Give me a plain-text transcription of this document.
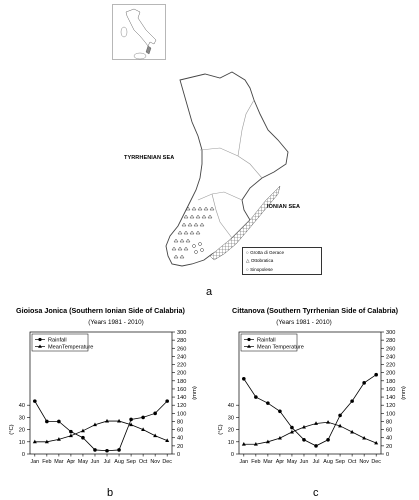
TYRRHENIAN SEA
IONIAN SEA
○ Grotta di Gerace
△ Ottobratica
○ Sinopolese
a
Gioiosa Jonica (Southern Ionian Side of Calabria)
(Years 1981 - 2010)
0
20
40
60
80
100
120
140
160
180
200
220
240
260
280
300
0
10
20
30
40
(°C)
(mm)
Jan Feb Mar Apr May Jun Jul Aug Sep Oct Nov Dec
Rainfall
MeanTemperature
b
Cittanova (Southern Tyrrhenian Side of Calabria)
(Years 1981 - 2010)
0
20
40
60
80
100
120
140
160
180
200
220
240
260
280
300
0
10
20
30
40
(°C)
(mm)
Jan Feb Mar Apr May Jun Jul Aug Sep Oct Nov Dec
Rainfall
Mean Temperature
c
